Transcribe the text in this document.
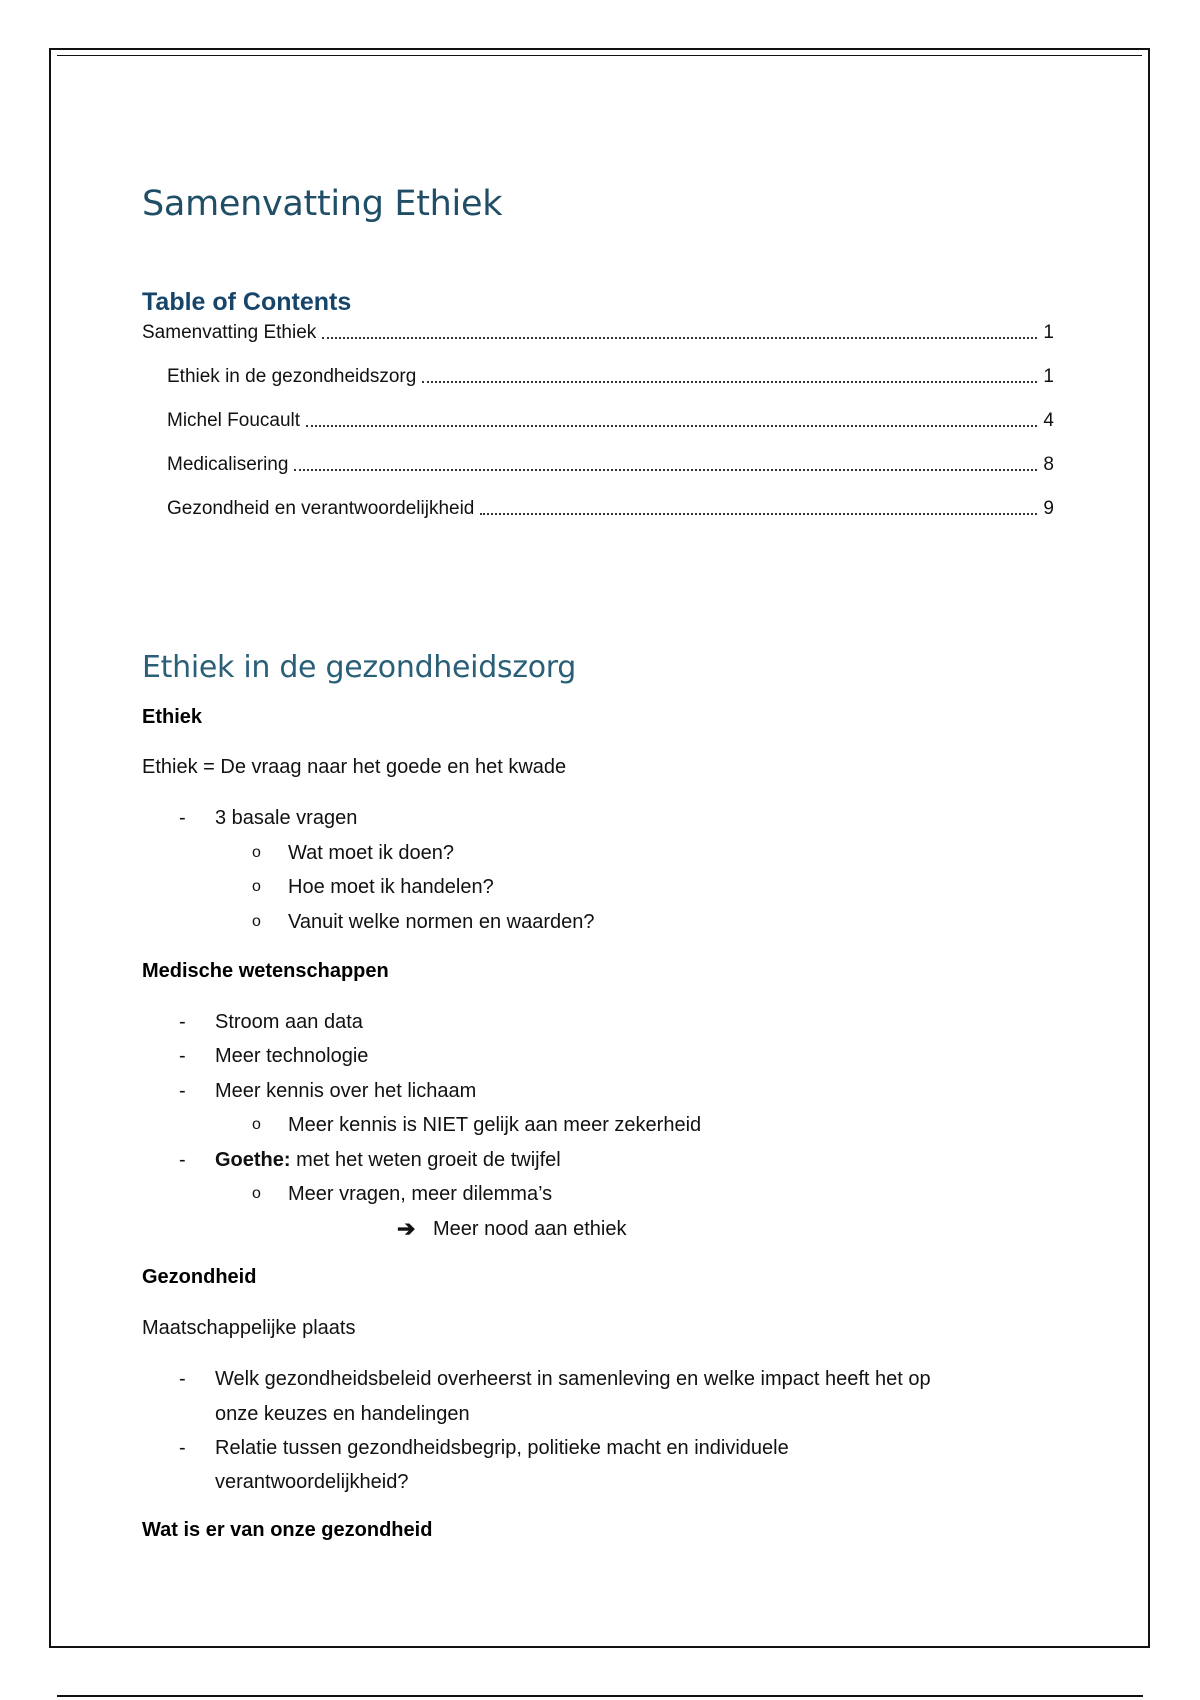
Samenvatting Ethiek
Table of Contents
Samenvatting Ethiek	1
Ethiek in de gezondheidszorg	1
Michel Foucault	4
Medicalisering	8
Gezondheid en verantwoordelijkheid	9
Ethiek in de gezondheidszorg

Ethiek

Ethiek = De vraag naar het goede en het kwade

- 3 basale vragen
o Wat moet ik doen?
o Hoe moet ik handelen?
o Vanuit welke normen en waarden?

Medische wetenschappen

- Stroom aan data
- Meer technologie
- Meer kennis over het lichaam
o Meer kennis is NIET gelijk aan meer zekerheid
- Goethe: met het weten groeit de twijfel
o Meer vragen, meer dilemma’s
➔ Meer nood aan ethiek

Gezondheid

Maatschappelijke plaats

- Welk gezondheidsbeleid overheerst in samenleving en welke impact heeft het op
onze keuzes en handelingen
- Relatie tussen gezondheidsbegrip, politieke macht en individuele
verantwoordelijkheid?

Wat is er van onze gezondheid
